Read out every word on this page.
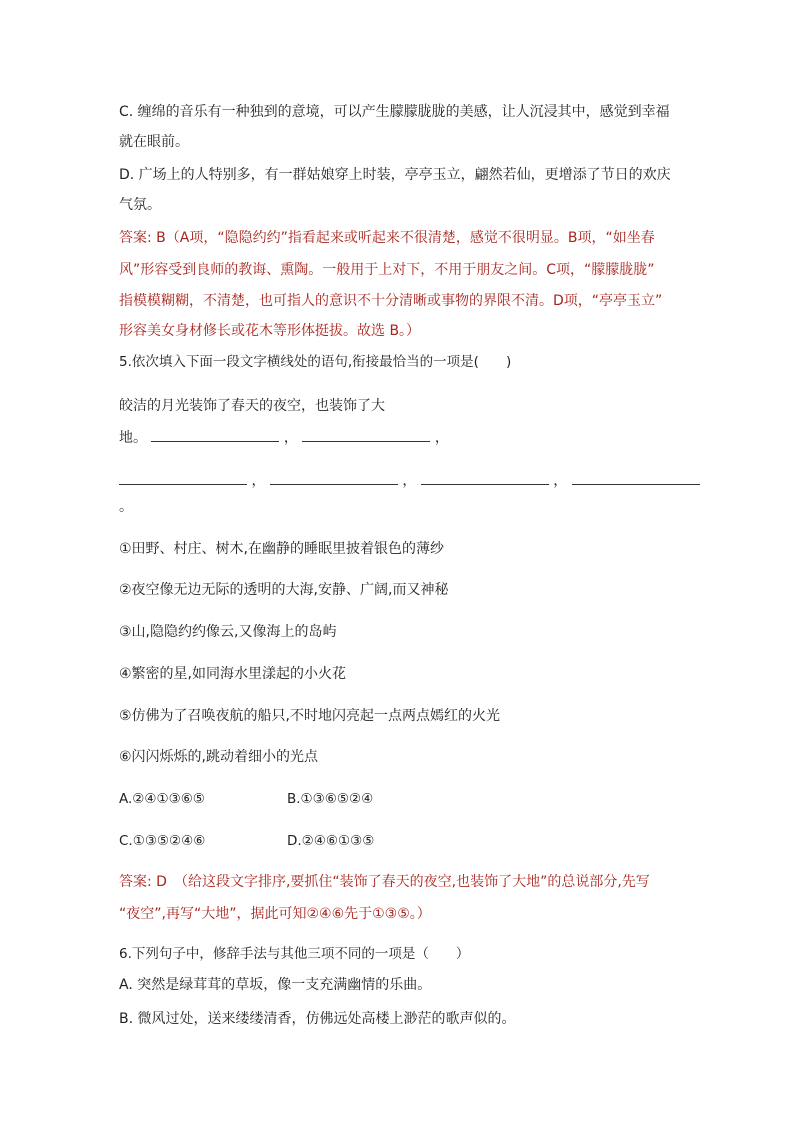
C. 缠绵的音乐有一种独到的意境，可以产生朦朦胧胧的美感，让人沉浸其中，感觉到幸福
就在眼前。
D. 广场上的人特别多，有一群姑娘穿上时装，亭亭玉立，翩然若仙，更增添了节日的欢庆
气氛。
答案: B（A项，“隐隐约约”指看起来或听起来不很清楚，感觉不很明显。B项，“如坐春
风”形容受到良师的教诲、熏陶。一般用于上对下，不用于朋友之间。C项，“朦朦胧胧”
指模模糊糊，不清楚，也可指人的意识不十分清晰或事物的界限不清。D项，“亭亭玉立”
形容美女身材修长或花木等形体挺拔。故选 B。）
5.依次填入下面一段文字横线处的语句,衔接最恰当的一项是(　　)
皎洁的月光装饰了春天的夜空，也装饰了大
地。	，	，
，	，	，
。
①田野、村庄、树木,在幽静的睡眠里披着银色的薄纱
②夜空像无边无际的透明的大海,安静、广阔,而又神秘
③山,隐隐约约像云,又像海上的岛屿
④繁密的星,如同海水里漾起的小火花
⑤仿佛为了召唤夜航的船只,不时地闪亮起一点两点嫣红的火光
⑥闪闪烁烁的,跳动着细小的光点
A.②④①③⑥⑤	B.①③⑥⑤②④
C.①③⑤②④⑥	D.②④⑥①③⑤
答案: D　（给这段文字排序,要抓住“装饰了春天的夜空,也装饰了大地”的总说部分,先写
“夜空”,再写“大地”，据此可知②④⑥先于①③⑤。）
6.下列句子中，修辞手法与其他三项不同的一项是（　　）
A. 突然是绿茸茸的草坂，像一支充满幽情的乐曲。
B. 微风过处，送来缕缕清香，仿佛远处高楼上渺茫的歌声似的。
